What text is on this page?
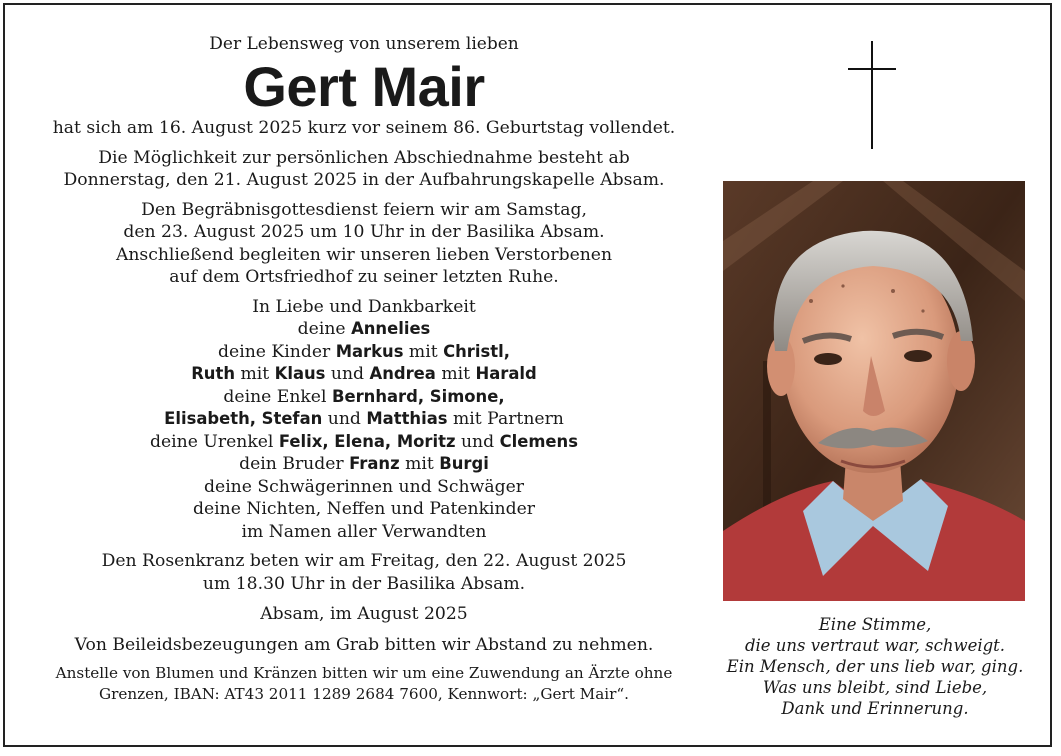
Der Lebensweg von unserem lieben

Gert Mair

hat sich am 16. August 2025 kurz vor seinem 86. Geburtstag vollendet.

Die Möglichkeit zur persönlichen Abschiednahme besteht ab

Donnerstag, den 21. August 2025 in der Aufbahrungskapelle Absam.

Den Begräbnisgottesdienst feiern wir am Samstag,

den 23. August 2025 um 10 Uhr in der Basilika Absam.

Anschließend begleiten wir unseren lieben Verstorbenen

auf dem Ortsfriedhof zu seiner letzten Ruhe.

In Liebe und Dankbarkeit

deine Annelies

deine Kinder Markus mit Christl,

Ruth mit Klaus und Andrea mit Harald

deine Enkel Bernhard, Simone,

Elisabeth, Stefan und Matthias mit Partnern

deine Urenkel Felix, Elena, Moritz und Clemens

dein Bruder Franz mit Burgi

deine Schwägerinnen und Schwäger

deine Nichten, Neffen und Patenkinder

im Namen aller Verwandten

Den Rosenkranz beten wir am Freitag, den 22. August 2025

um 18.30 Uhr in der Basilika Absam.

Absam, im August 2025

Von Beileidsbezeugungen am Grab bitten wir Abstand zu nehmen.

Anstelle von Blumen und Kränzen bitten wir um eine Zuwendung an Ärzte ohne

Grenzen, IBAN: AT43 2011 1289 2684 7600, Kennwort: „Gert Mair“.

Eine Stimme,
die uns vertraut war, schweigt.
Ein Mensch, der uns lieb war, ging.
Was uns bleibt, sind Liebe,
Dank und Erinnerung.
